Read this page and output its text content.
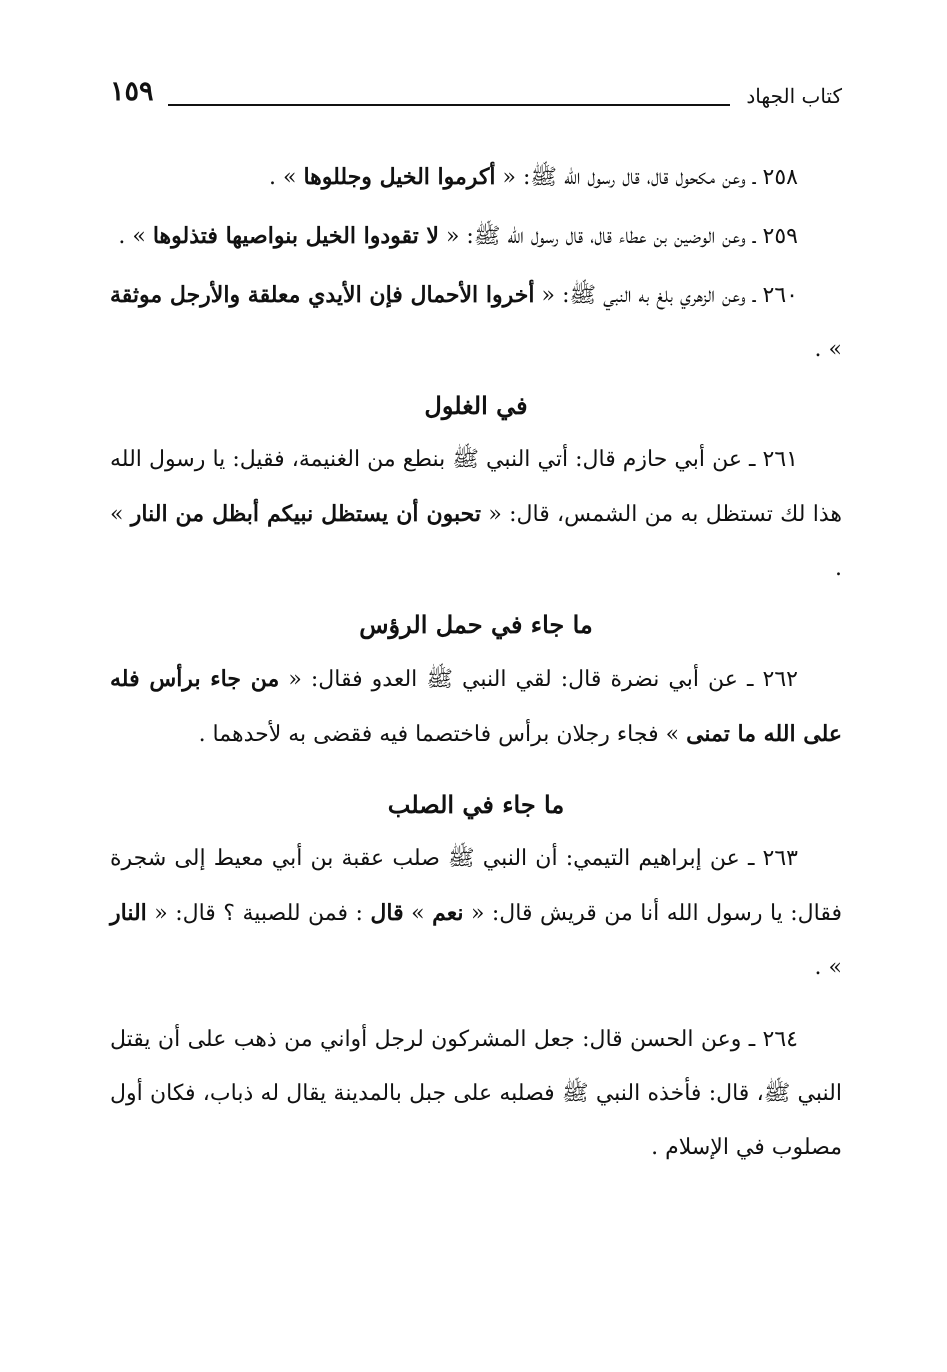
كتاب الجهاد
١٥٩

٢٥٨ ـ وعن مكحول قال، قال رسول الله ﷺ: « أكرموا الخيل وجللوها » .

٢٥٩ ـ وعن الوضين بن عطاء قال، قال رسول الله ﷺ: « لا تقودوا الخيل بنواصيها فتذلوها » .

٢٦٠ ـ وعن الزهري بلغ به النبي ﷺ: « أخروا الأحمال فإن الأيدي معلقة والأرجل موثقة » .

في الغلول

٢٦١ ـ عن أبي حازم قال: أتي النبي ﷺ بنطع من الغنيمة، فقيل: يا رسول الله هذا لك تستظل به من الشمس، قال: « تحبون أن يستظل نبيكم أبظل من النار » .

ما جاء في حمل الرؤس

٢٦٢ ـ عن أبي نضرة قال: لقي النبي ﷺ العدو فقال: « من جاء برأس فله على الله ما تمنى » فجاء رجلان برأس فاختصما فيه فقضى به لأحدهما .

ما جاء في الصلب

٢٦٣ ـ عن إبراهيم التيمي: أن النبي ﷺ صلب عقبة بن أبي معيط إلى شجرة فقال: يا رسول الله أنا من قريش قال: « نعم » قال : فمن للصبية ؟ قال: « النار » .

٢٦٤ ـ وعن الحسن قال: جعل المشركون لرجل أواني من ذهب على أن يقتل النبي ﷺ، قال: فأخذه النبي ﷺ فصلبه على جبل بالمدينة يقال له ذباب، فكان أول مصلوب في الإسلام .
